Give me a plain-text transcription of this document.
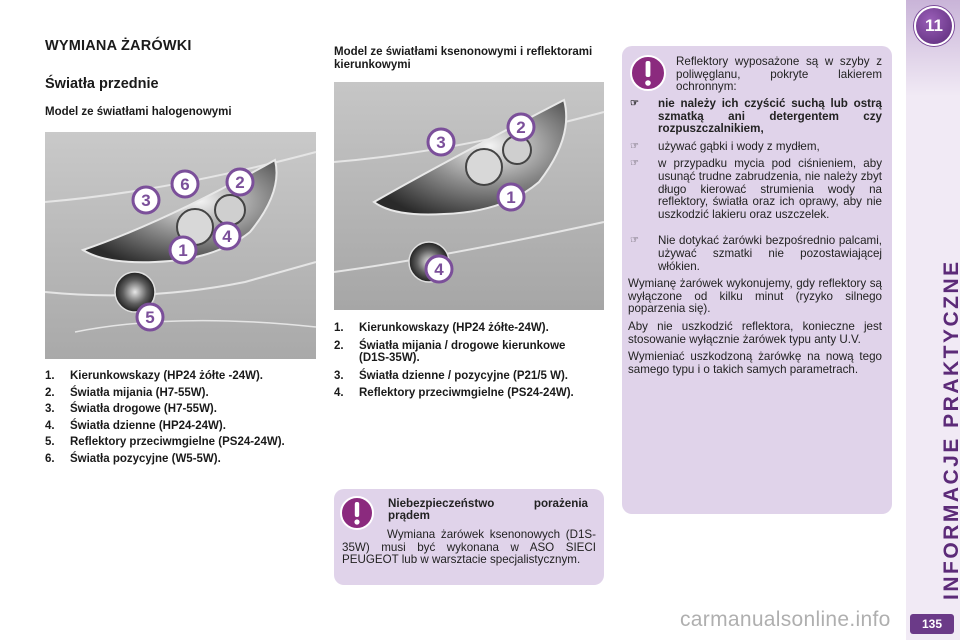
WYMIANA ŻARÓWKI
Światła przednie

Model ze światłami halogenowymi

Model ze światłami ksenonowymi i reflektorami kierunkowymi

6	2
3
4
1
5
3
2
1
4
1. Kierunkowskazy (HP24 żółte -24W).
2. Światła mijania (H7-55W).
3. Światła drogowe (H7-55W).
4. Światła dzienne (HP24-24W).
5. Reflektory przeciwmgielne (PS24-24W).
6. Światła pozycyjne (W5-5W).
1. Kierunkowskazy (HP24 żółte-24W).
2. Światła mijania / drogowe kierunkowe (D1S-35W).
3. Światła dzienne / pozycyjne (P21/5 W).
4. Reflektory przeciwmgielne (PS24-24W).
Niebezpieczeństwo porażenia prądem
Wymiana żarówek ksenonowych (D1S-35W) musi być wykonana w ASO SIECI PEUGEOT lub w warsztacie specjalistycznym.
Reflektory wyposażone są w szyby z poliwęglanu, pokryte lakierem ochronnym:
☞ nie należy ich czyścić suchą lub ostrą szmatką ani detergentem czy rozpuszczalnikiem,
☞ używać gąbki i wody z mydłem,
☞ w przypadku mycia pod ciśnieniem, aby usunąć trudne zabrudzenia, nie należy zbyt długo kierować strumienia wody na reflektory, światła oraz ich oprawy, aby nie uszkodzić lakieru oraz uszczelek.
☞ Nie dotykać żarówki bezpośrednio palcami, używać szmatki nie pozostawiającej włókien.

Wymianę żarówek wykonujemy, gdy reflektory są wyłączone od kilku minut (ryzyko silnego poparzenia się).

Aby nie uszkodzić reflektora, konieczne jest stosowanie wyłącznie żarówek typu anty U.V.

Wymieniać uszkodzoną żarówkę na nową tego samego typu i o takich samych parametrach.

11
INFORMACJE PRAKTYCZNE
135
carmanualsonline.info
